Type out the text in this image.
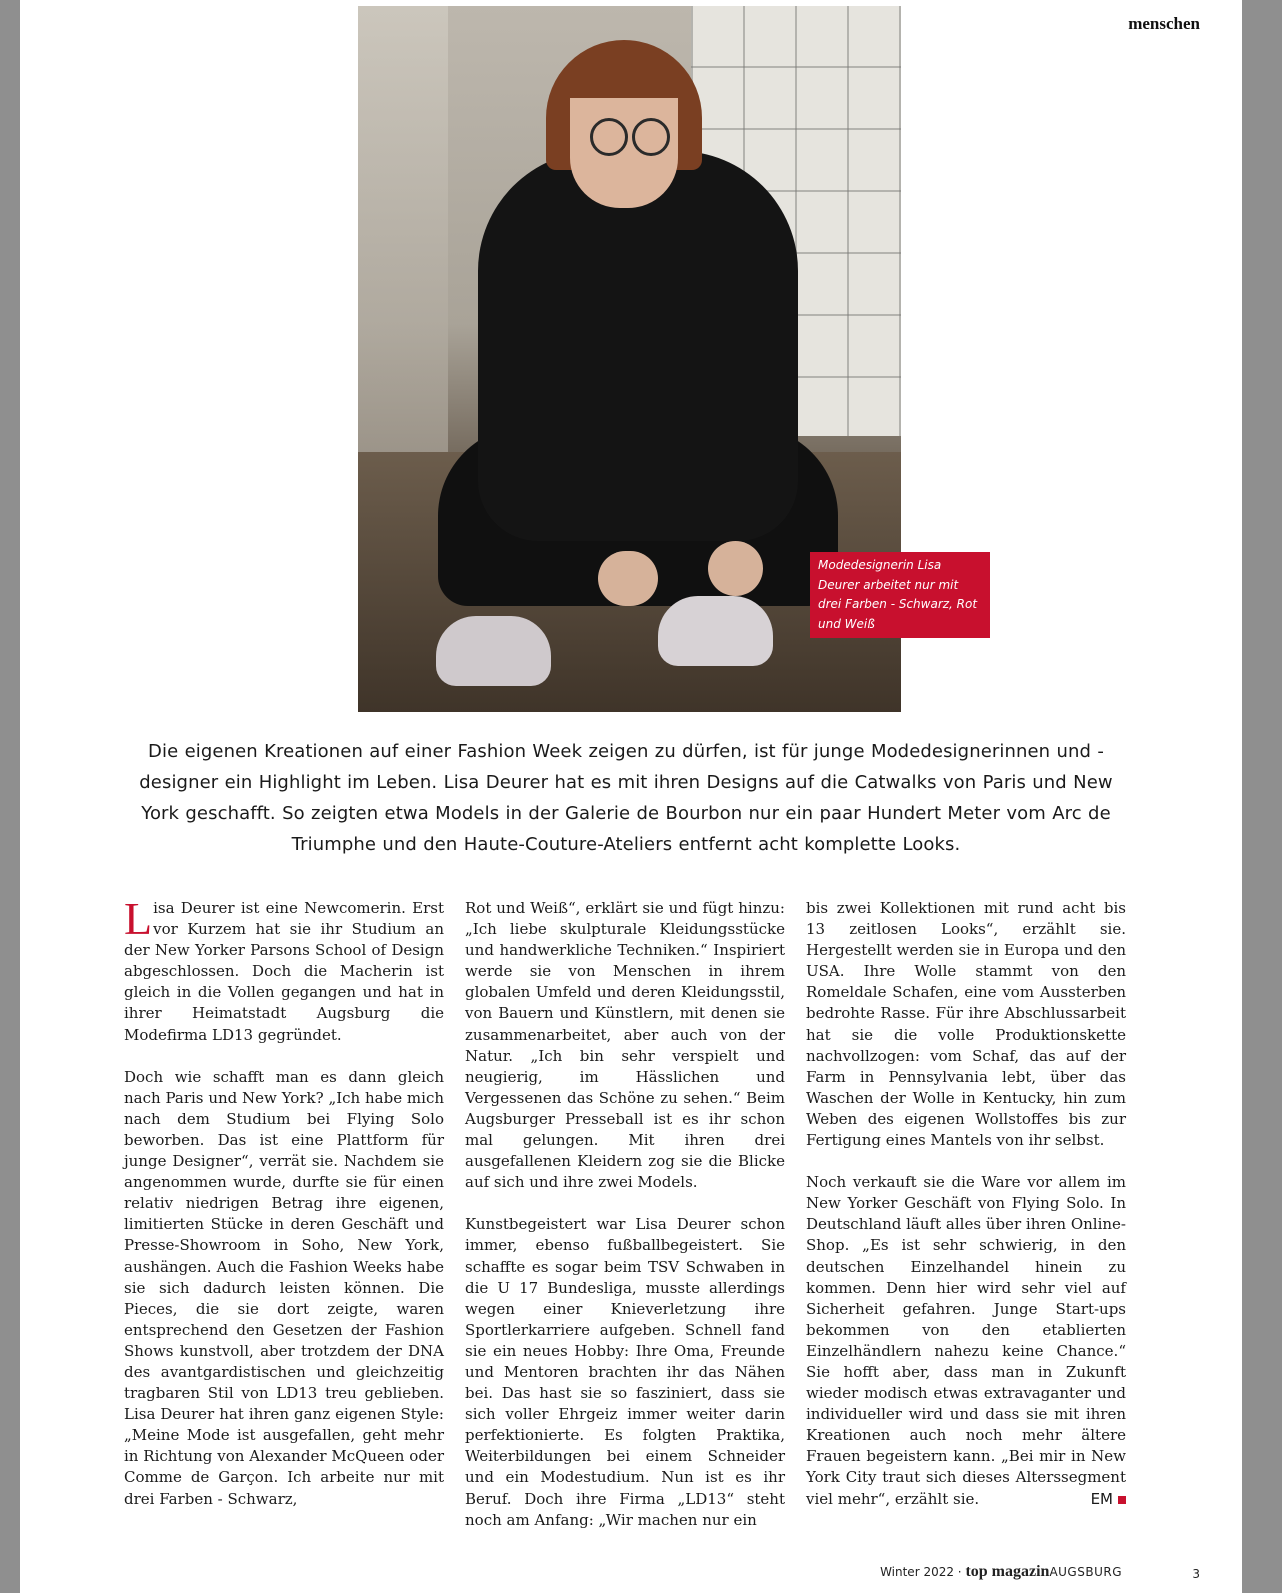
menschen
Modedesignerin Lisa Deurer arbeitet nur mit drei Farben - Schwarz, Rot und Weiß
Die eigenen Kreationen auf einer Fashion Week zeigen zu dürfen, ist für junge Modedesignerinnen und -designer ein Highlight im Leben. Lisa Deurer hat es mit ihren Designs auf die Catwalks von Paris und New York geschafft. So zeigten etwa Models in der Galerie de Bourbon nur ein paar Hundert Meter vom Arc de Triumphe und den Haute-Couture-Ateliers entfernt acht komplette Looks.

Lisa Deurer ist eine Newcomerin. Erst vor Kurzem hat sie ihr Studium an der New Yorker Parsons School of Design abgeschlossen. Doch die Macherin ist gleich in die Vollen gegangen und hat in ihrer Heimatstadt Augsburg die Modefirma LD13 gegründet.

Doch wie schafft man es dann gleich nach Paris und New York? „Ich habe mich nach dem Studium bei Flying Solo beworben. Das ist eine Plattform für junge Designer“, verrät sie. Nachdem sie angenommen wurde, durfte sie für einen relativ niedrigen Betrag ihre eigenen, limitierten Stücke in deren Geschäft und Presse-Showroom in Soho, New York, aushängen. Auch die Fashion Weeks habe sie sich dadurch leisten können. Die Pieces, die sie dort zeigte, waren entsprechend den Gesetzen der Fashion Shows kunstvoll, aber trotzdem der DNA des avantgardistischen und gleichzeitig tragbaren Stil von LD13 treu geblieben. Lisa Deurer hat ihren ganz eigenen Style: „Meine Mode ist ausgefallen, geht mehr in Richtung von Alexander McQueen oder Comme de Garçon. Ich arbeite nur mit drei Farben - Schwarz,

Rot und Weiß“, erklärt sie und fügt hinzu: „Ich liebe skulpturale Kleidungsstücke und handwerkliche Techniken.“ Inspiriert werde sie von Menschen in ihrem globalen Umfeld und deren Kleidungsstil, von Bauern und Künstlern, mit denen sie zusammenarbeitet, aber auch von der Natur. „Ich bin sehr verspielt und neugierig, im Hässlichen und Vergessenen das Schöne zu sehen.“ Beim Augsburger Presseball ist es ihr schon mal gelungen. Mit ihren drei ausgefallenen Kleidern zog sie die Blicke auf sich und ihre zwei Models.

Kunstbegeistert war Lisa Deurer schon immer, ebenso fußballbegeistert. Sie schaffte es sogar beim TSV Schwaben in die U 17 Bundesliga, musste allerdings wegen einer Knieverletzung ihre Sportlerkarriere aufgeben. Schnell fand sie ein neues Hobby: Ihre Oma, Freunde und Mentoren brachten ihr das Nähen bei. Das hast sie so fasziniert, dass sie sich voller Ehrgeiz immer weiter darin perfektionierte. Es folgten Praktika, Weiterbildungen bei einem Schneider und ein Modestudium. Nun ist es ihr Beruf. Doch ihre Firma „LD13“ steht noch am Anfang: „Wir machen nur ein

bis zwei Kollektionen mit rund acht bis 13 zeitlosen Looks“, erzählt sie. Hergestellt werden sie in Europa und den USA. Ihre Wolle stammt von den Romeldale Schafen, eine vom Aussterben bedrohte Rasse. Für ihre Abschlussarbeit hat sie die volle Produktionskette nachvollzogen: vom Schaf, das auf der Farm in Pennsylvania lebt, über das Waschen der Wolle in Kentucky, hin zum Weben des eigenen Wollstoffes bis zur Fertigung eines Mantels von ihr selbst.

Noch verkauft sie die Ware vor allem im New Yorker Geschäft von Flying Solo. In Deutschland läuft alles über ihren Online-Shop. „Es ist sehr schwierig, in den deutschen Einzelhandel hinein zu kommen. Denn hier wird sehr viel auf Sicherheit gefahren. Junge Start-ups bekommen von den etablierten Einzelhändlern nahezu keine Chance.“ Sie hofft aber, dass man in Zukunft wieder modisch etwas extravaganter und individueller wird und dass sie mit ihren Kreationen auch noch mehr ältere Frauen begeistern kann. „Bei mir in New York City traut sich dieses Alterssegment viel mehr“, erzählt sie.	EM

Winter 2022 · top magazinAUGSBURG	3
